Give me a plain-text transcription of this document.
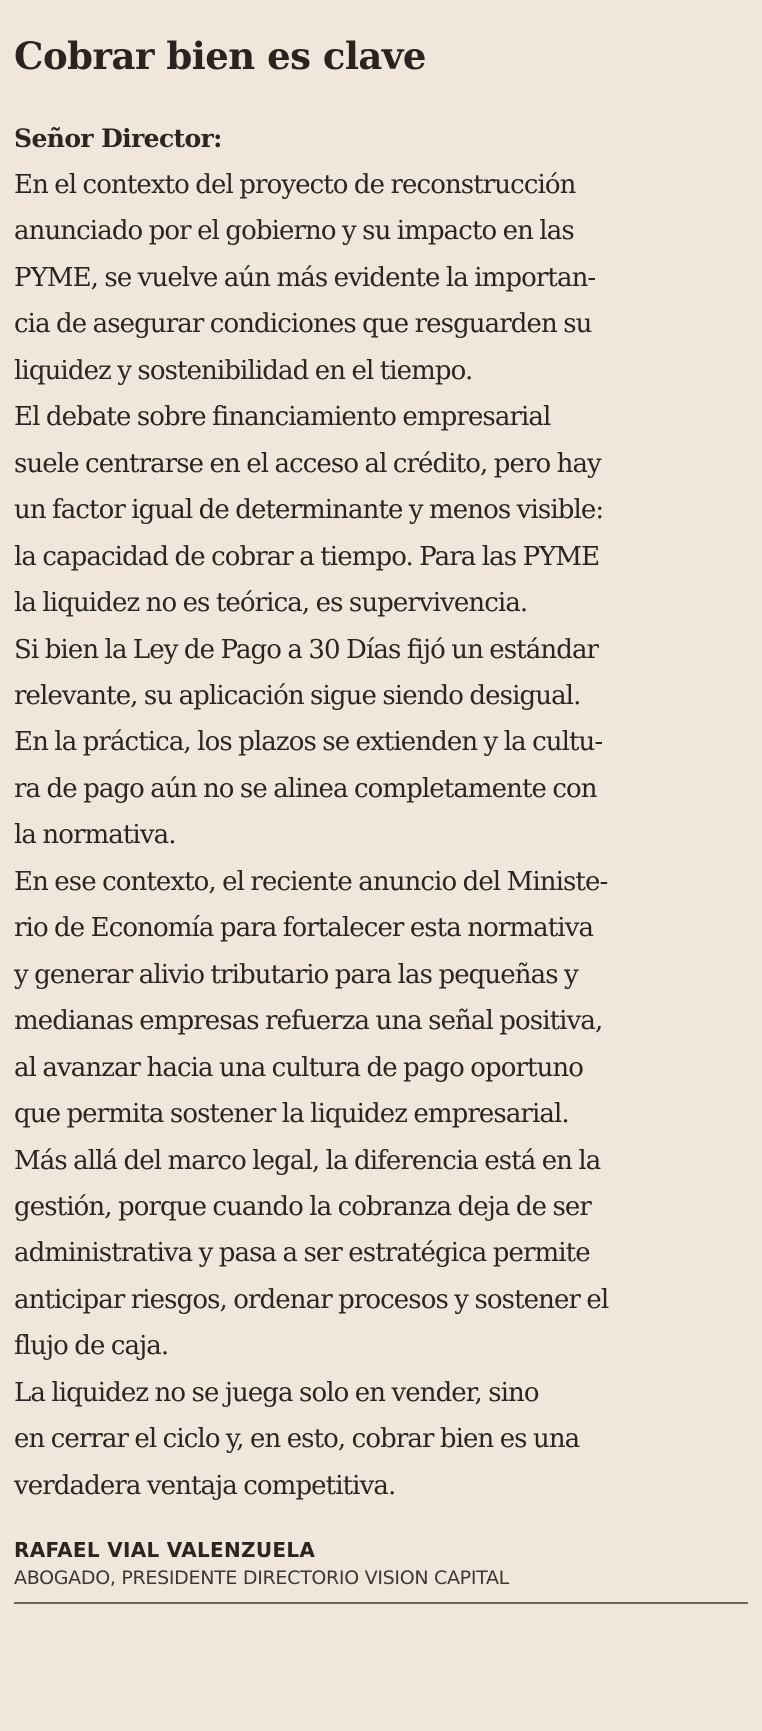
Cobrar bien es clave

Señor Director:

En el contexto del proyecto de reconstrucción
anunciado por el gobierno y su impacto en las
PYME, se vuelve aún más evidente la importan-
cia de asegurar condiciones que resguarden su
liquidez y sostenibilidad en el tiempo.
El debate sobre financiamiento empresarial
suele centrarse en el acceso al crédito, pero hay
un factor igual de determinante y menos visible:
la capacidad de cobrar a tiempo. Para las PYME
la liquidez no es teórica, es supervivencia.
Si bien la Ley de Pago a 30 Días fijó un estándar
relevante, su aplicación sigue siendo desigual.
En la práctica, los plazos se extienden y la cultu-
ra de pago aún no se alinea completamente con
la normativa.
En ese contexto, el reciente anuncio del Ministe-
rio de Economía para fortalecer esta normativa
y generar alivio tributario para las pequeñas y
medianas empresas refuerza una señal positiva,
al avanzar hacia una cultura de pago oportuno
que permita sostener la liquidez empresarial.
Más allá del marco legal, la diferencia está en la
gestión, porque cuando la cobranza deja de ser
administrativa y pasa a ser estratégica permite
anticipar riesgos, ordenar procesos y sostener el
flujo de caja.
La liquidez no se juega solo en vender, sino
en cerrar el ciclo y, en esto, cobrar bien es una
verdadera ventaja competitiva.
RAFAEL VIAL VALENZUELA
ABOGADO, PRESIDENTE DIRECTORIO VISION CAPITAL
